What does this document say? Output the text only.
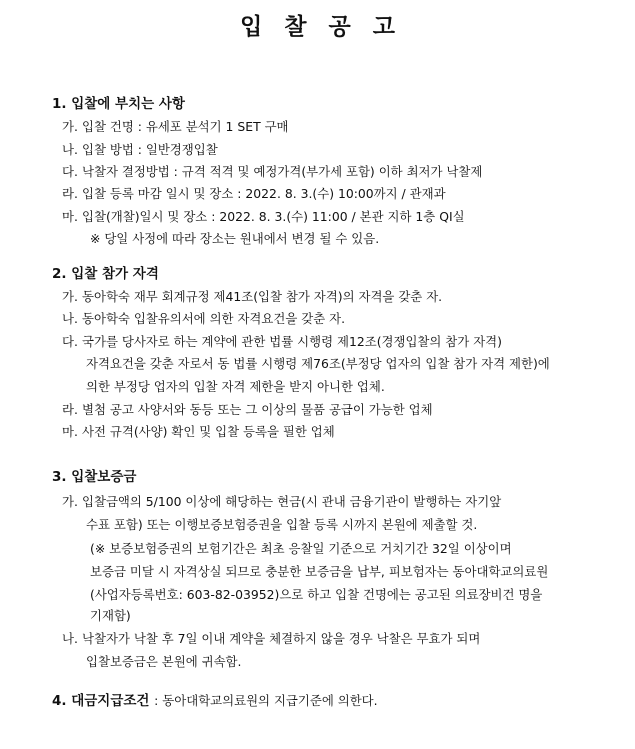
입 찰 공 고
1. 입찰에 부치는 사항
가. 입찰 건명 : 유세포 분석기 1 SET 구매
나. 입찰 방법 : 일반경쟁입찰
다. 낙찰자 결정방법 : 규격 적격 및 예정가격(부가세 포함) 이하 최저가 낙찰제
라. 입찰 등록 마감 일시 및 장소 : 2022. 8. 3.(수) 10:00까지 / 관재과
마. 입찰(개찰)일시 및 장소 : 2022. 8. 3.(수) 11:00 / 본관 지하 1층 QI실
※ 당일 사정에 따라 장소는 원내에서 변경 될 수 있음.
2. 입찰 참가 자격
가. 동아학숙 재무 회계규정 제41조(입찰 참가 자격)의 자격을 갖춘 자.
나. 동아학숙 입찰유의서에 의한 자격요건을 갖춘 자.
다. 국가를 당사자로 하는 계약에 관한 법률 시행령 제12조(경쟁입찰의 참가 자격)
자격요건을 갖춘 자로서 동 법률 시행령 제76조(부정당 업자의 입찰 참가 자격 제한)에
의한 부정당 업자의 입찰 자격 제한을 받지 아니한 업체.
라. 별첨 공고 사양서와 동등 또는 그 이상의 물품 공급이 가능한 업체
마. 사전 규격(사양) 확인 및 입찰 등록을 필한 업체
3. 입찰보증금
가. 입찰금액의 5/100 이상에 해당하는 현금(시 관내 금융기관이 발행하는 자기앞
수표 포함) 또는 이행보증보험증권을 입찰 등록 시까지 본원에 제출할 것.
(※ 보증보험증권의 보험기간은 최초 응찰일 기준으로 거치기간 32일 이상이며
보증금 미달 시 자격상실 되므로 충분한 보증금을 납부, 피보험자는 동아대학교의료원
(사업자등록번호: 603-82-03952)으로 하고 입찰 건명에는 공고된 의료장비건 명을
기재함)
나. 낙찰자가 낙찰 후 7일 이내 계약을 체결하지 않을 경우 낙찰은 무효가 되며
입찰보증금은 본원에 귀속함.
4. 대금지급조건 : 동아대학교의료원의 지급기준에 의한다.
